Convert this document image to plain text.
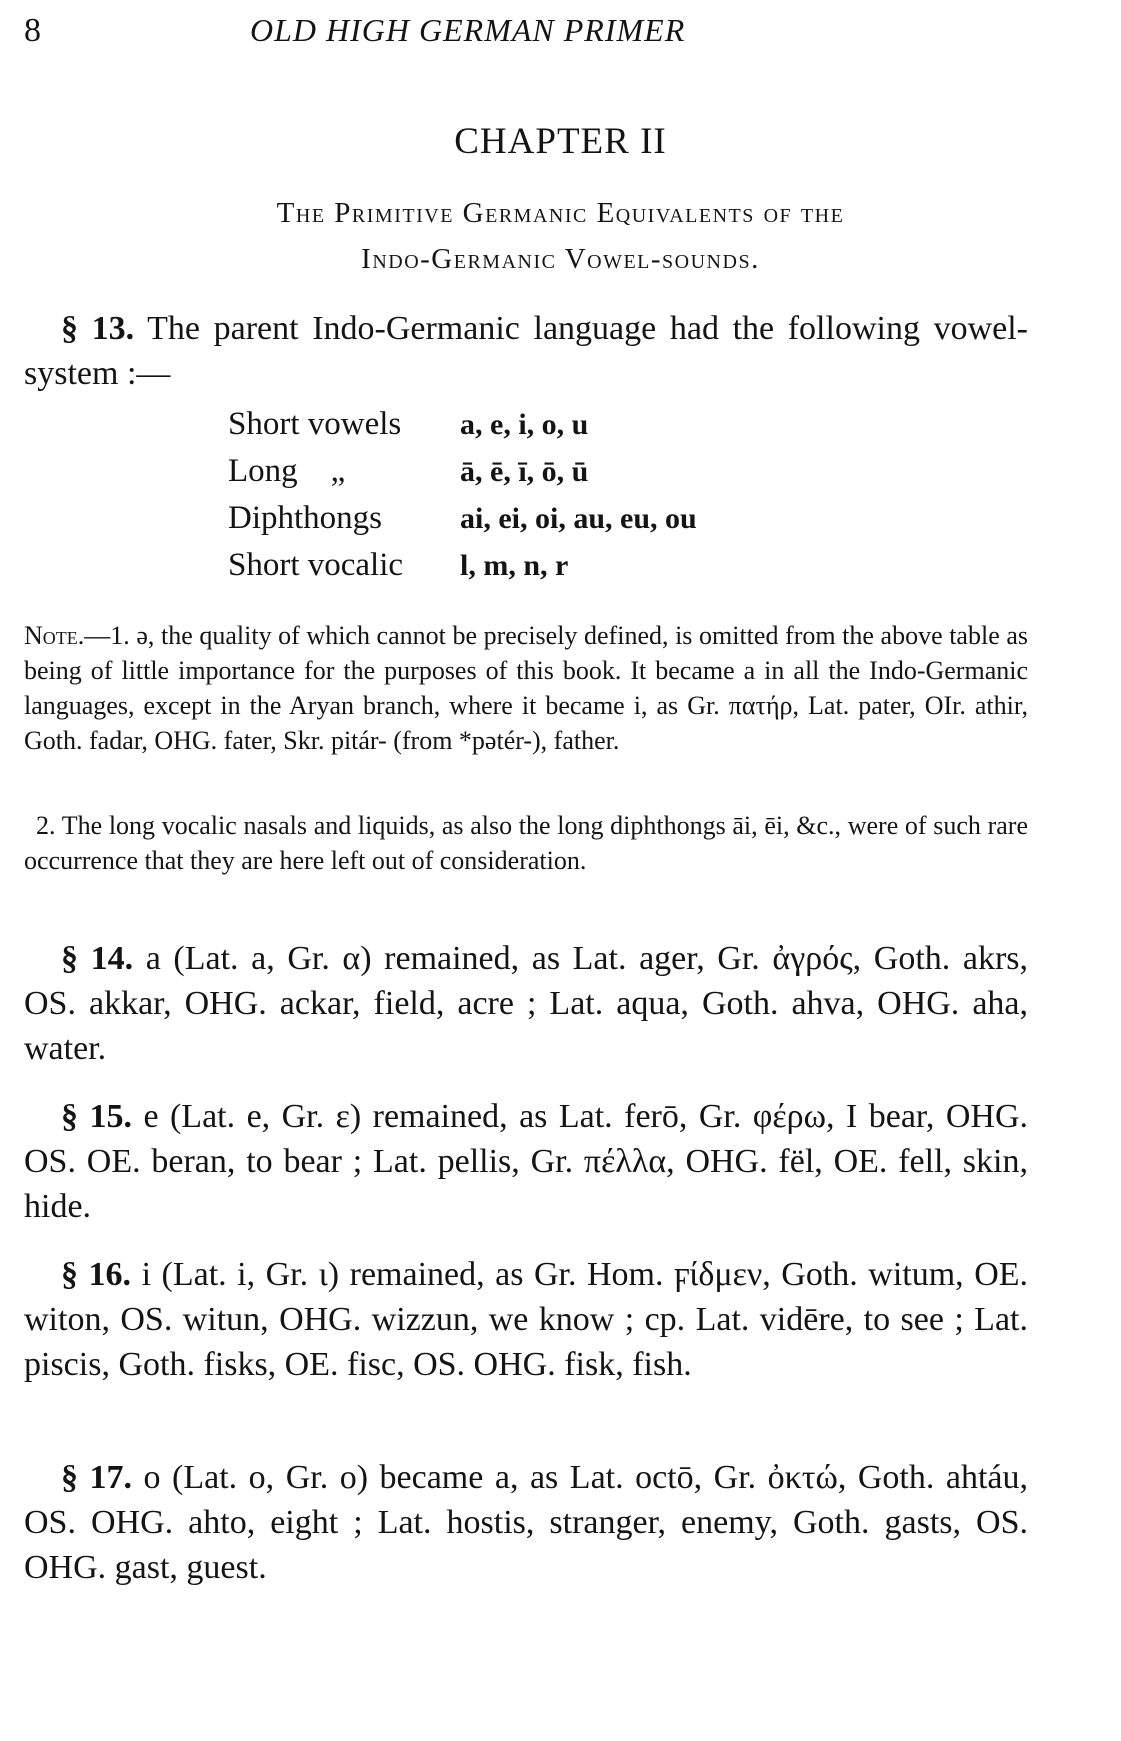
8	OLD HIGH GERMAN PRIMER
CHAPTER II
The Primitive Germanic Equivalents of the
Indo-Germanic Vowel-sounds.

§ 13. The parent Indo-Germanic language had the following vowel-system :—

Short vowels	a, e, i, o, u
Long    „	ā, ē, ī, ō, ū
Diphthongs	ai, ei, oi, au, eu, ou
Short vocalic	l, m, n, r

Note.—1. ə, the quality of which cannot be precisely defined, is omitted from the above table as being of little importance for the purposes of this book. It became a in all the Indo-Germanic languages, except in the Aryan branch, where it became i, as Gr. πατήρ, Lat. pater, OIr. athir, Goth. fadar, OHG. fater, Skr. pitár- (from *pətér-), father.

2. The long vocalic nasals and liquids, as also the long diphthongs āi, ēi, &c., were of such rare occurrence that they are here left out of consideration.

§ 14. a (Lat. a, Gr. α) remained, as Lat. ager, Gr. ἀγρός, Goth. akrs, OS. akkar, OHG. ackar, field, acre ; Lat. aqua, Goth. ahva, OHG. aha, water.

§ 15. e (Lat. e, Gr. ε) remained, as Lat. ferō, Gr. φέρω, I bear, OHG. OS. OE. beran, to bear ; Lat. pellis, Gr. πέλλα, OHG. fël, OE. fell, skin, hide.

§ 16. i (Lat. i, Gr. ι) remained, as Gr. Hom. ϝίδμεν, Goth. witum, OE. witon, OS. witun, OHG. wizzun, we know ; cp. Lat. vidēre, to see ; Lat. piscis, Goth. fisks, OE. fisc, OS. OHG. fisk, fish.

§ 17. o (Lat. o, Gr. ο) became a, as Lat. octō, Gr. ὀκτώ, Goth. ahtáu, OS. OHG. ahto, eight ; Lat. hostis, stranger, enemy, Goth. gasts, OS. OHG. gast, guest.
